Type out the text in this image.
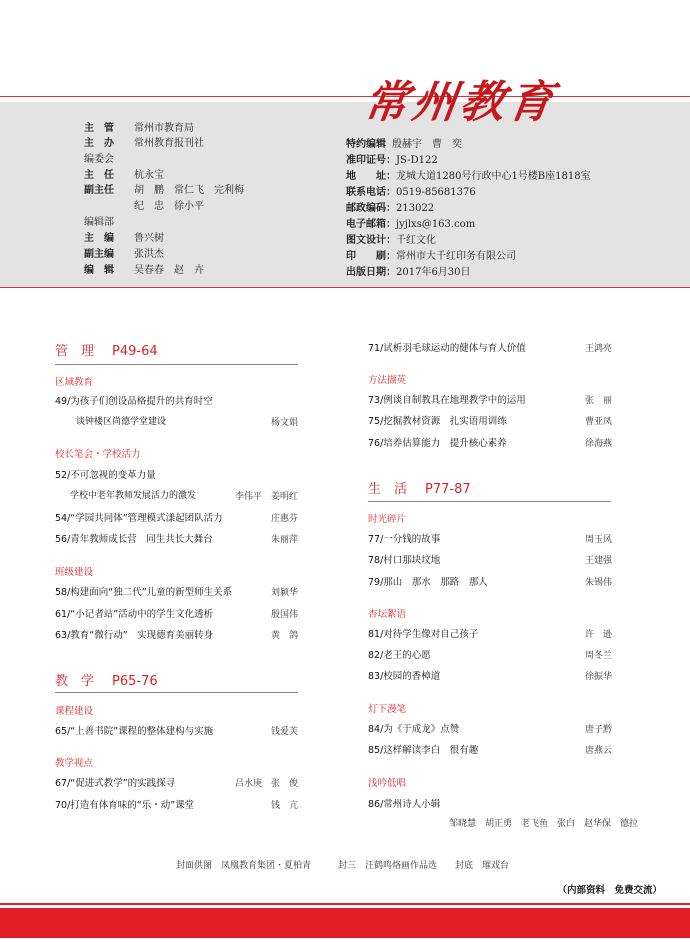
常州教育
主　管 常州市教育局
主　办 常州教育报刊社
编委会
主　任 杭永宝
副主任 胡　鹏　常仁飞　完利梅
纪　忠　徐小平
编辑部
主　编 鲁兴树
副主编 张洪杰
编　辑 吴春春　赵　卉
特约编辑 殷赫宇　曹　奕
准印证号：JS-D122
地　　址：龙城大道1280号行政中心1号楼B座1818室
联系电话：0519-85681376
邮政编码：213022
电子邮箱：jyjlxs@163.com
图文设计：千红文化
印　　刷：常州市大千红印务有限公司
出版日期：2017年6月30日
管　理 P49-64
区域教育
49/为孩子们创设品格提升的共育时空
谈钟楼区尚德学堂建设	杨文娟
校长笔会・学校活力
52/不可忽视的变革力量
学校中老年教师发展活力的激发	李伟平　姜明红
54/“学园共同体”管理模式漾起团队活力	庄惠芬
56/青年教师成长营　同生共长大舞台	朱丽萍
班级建设
58/构建面向“独二代”儿童的新型师生关系	刘颖华
61/“小记者站”活动中的学生文化透析	殷国伟
63/教育“微行动”　实现德育美丽转身	黄　鸽
教　学 P65-76
课程建设
65/“上善书院”课程的整体建构与实施	钱爱芙
教学视点
67/“促进式教学”的实践探寻	吕水庚　张　俊
70/打造有体育味的“乐・动”课堂	钱　亢
71/试析羽毛球运动的健体与育人价值	王鸿亮
方法撷英
73/例谈自制教具在地理教学中的运用	张　丽
75/挖掘教材资源　扎实语用训练	曹亚凤
76/培养估算能力　提升核心素养	徐海燕
生　活 P77-87
时光碎片
77/一分钱的故事	周玉风
78/村口那块坟地	王建强
79/那山　那水　那路　那人	朱锡伟
杏坛絮语
81/对待学生像对自己孩子	许　逊
82/老王的心愿	周冬兰
83/校园的香樟道	徐振华
灯下漫笔
84/为《于成龙》点赞	唐子黔
85/这样解读李白　很有趣	唐燕云
浅吟低唱
86/常州诗人小辑
邹晓慧　胡正勇　老飞鱼　张白　赵华保　德拉
封面供图　凤凰教育集团・夏柏青　　　封三　汪鹤鸣烙画作品选　　封底　璀戏台
（内部资料　免费交流）
